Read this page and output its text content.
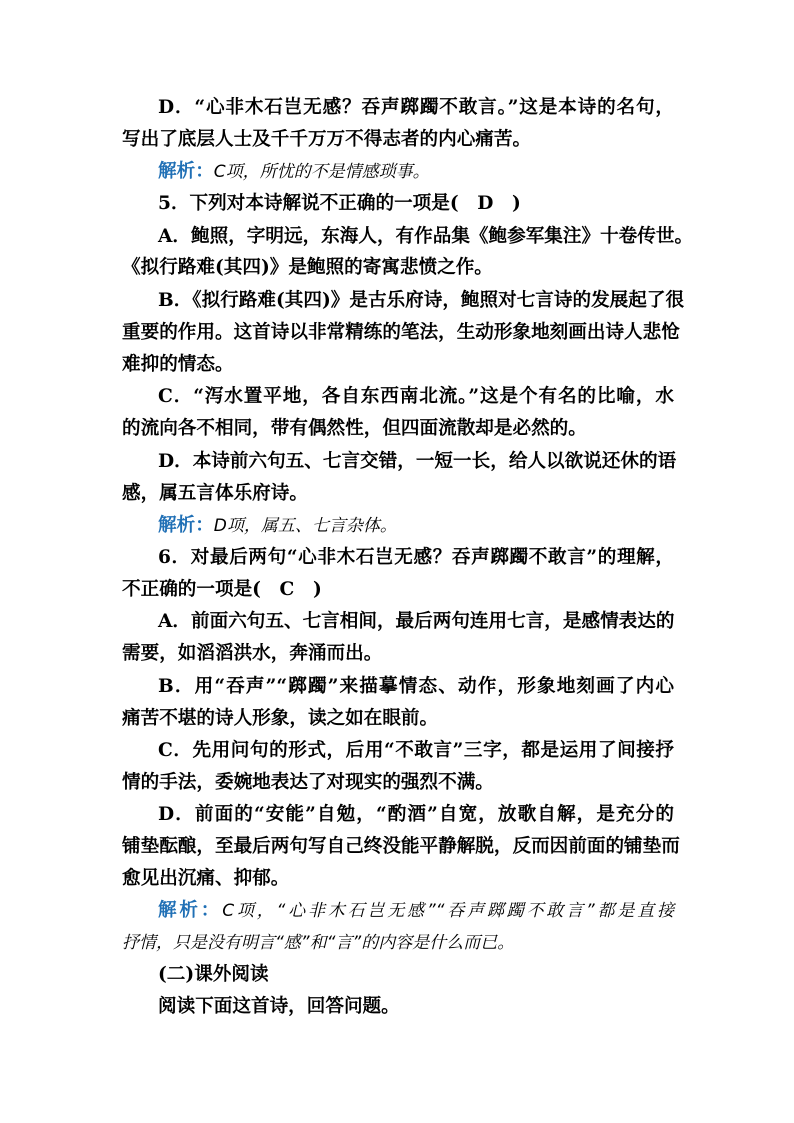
D．“心非木石岂无感？吞声踯躅不敢言。”这是本诗的名句，
写出了底层人士及千千万万不得志者的内心痛苦。
解析：C项，所忧的不是情感琐事。
5．下列对本诗解说不正确的一项是(　D　)
A．鲍照，字明远，东海人，有作品集《鲍参军集注》十卷传世。
《拟行路难(其四)》是鲍照的寄寓悲愤之作。
B．《拟行路难(其四)》是古乐府诗，鲍照对七言诗的发展起了很
重要的作用。这首诗以非常精练的笔法，生动形象地刻画出诗人悲怆
难抑的情态。
C．“泻水置平地，各自东西南北流。”这是个有名的比喻，水
的流向各不相同，带有偶然性，但四面流散却是必然的。
D．本诗前六句五、七言交错，一短一长，给人以欲说还休的语
感，属五言体乐府诗。
解析：D项，属五、七言杂体。
6．对最后两句“心非木石岂无感？吞声踯躅不敢言”的理解，
不正确的一项是(　C　)
A．前面六句五、七言相间，最后两句连用七言，是感情表达的
需要，如滔滔洪水，奔涌而出。
B．用“吞声”“踯躅”来描摹情态、动作，形象地刻画了内心
痛苦不堪的诗人形象，读之如在眼前。
C．先用问句的形式，后用“不敢言”三字，都是运用了间接抒
情的手法，委婉地表达了对现实的强烈不满。
D．前面的“安能”自勉，“酌酒”自宽，放歌自解，是充分的
铺垫酝酿，至最后两句写自己终没能平静解脱，反而因前面的铺垫而
愈见出沉痛、抑郁。
解析：C项，“心非木石岂无感”“吞声踯躅不敢言”都是直接
抒情，只是没有明言“感”和“言”的内容是什么而已。
(二)课外阅读
阅读下面这首诗，回答问题。
